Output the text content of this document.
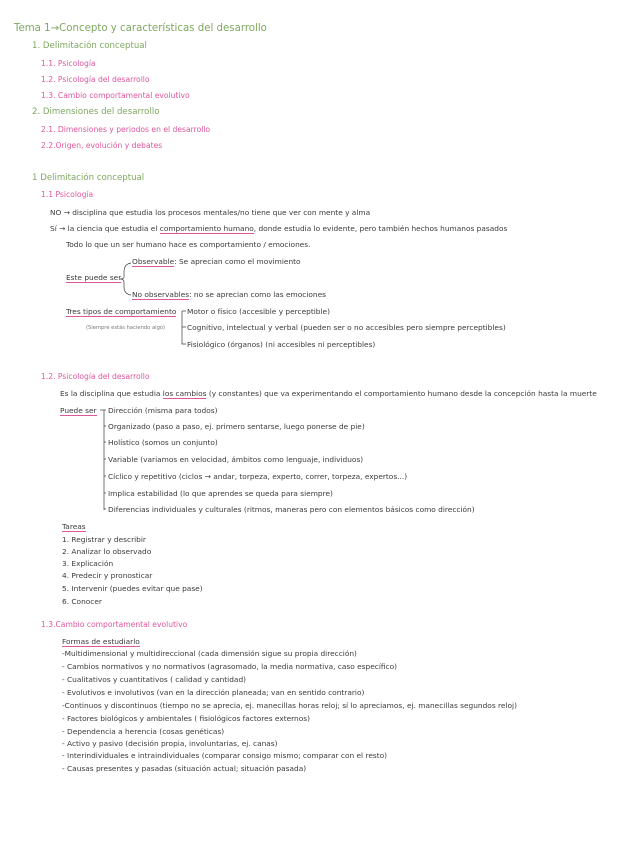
Tema 1→Concepto y características del desarrollo
1. Delimitación conceptual
1.1. Psicología
1.2. Psicología del desarrollo
1.3. Cambio comportamental evolutivo
2. Dimensiones del desarrollo
2.1. Dimensiones y periodos en el desarrollo
2.2.Origen, evolución y debates
1 Delimitación conceptual
1.1 Psicología
NO → disciplina que estudia los procesos mentales/no tiene que ver con mente y alma
Sí → la ciencia que estudia el comportamiento humano, donde estudia lo evidente, pero también hechos humanos pasados
Todo lo que un ser humano hace es comportamiento / emociones.
Observable: Se aprecian como el movimiento
Este puede ser
No observables: no se aprecian como las emociones
Tres tipos de comportamiento Motor o físico (accesible y perceptible)
(Siempre estás haciendo algo)	Cognitivo, intelectual y verbal (pueden ser o no accesibles pero siempre perceptibles)
Fisiológico (órganos) (ni accesibles ni perceptibles)
1.2. Psicología del desarrollo
Es la disciplina que estudia los cambios (y constantes) que va experimentando el comportamiento humano desde la concepción hasta la muerte
Puede ser Dirección (misma para todos)
Organizado (paso a paso, ej. primero sentarse, luego ponerse de pie)
Holístico (somos un conjunto)
Variable (variamos en velocidad, ámbitos como lenguaje, individuos)
Cíclico y repetitivo (ciclos → andar, torpeza, experto, correr, torpeza, expertos...)
Implica estabilidad (lo que aprendes se queda para siempre)
Diferencias individuales y culturales (ritmos, maneras pero con elementos básicos como dirección)
Tareas
1. Registrar y describir
2. Analizar lo observado
3. Explicación
4. Predecir y pronosticar
5. Intervenir (puedes evitar que pase)
6. Conocer
1.3.Cambio comportamental evolutivo
Formas de estudiarlo
-Multidimensional y multidireccional (cada dimensión sigue su propia dirección)
- Cambios normativos y no normativos (agrasomado, la media normativa, caso específico)
- Cualitativos y cuantitativos ( calidad y cantidad)
- Evolutivos e involutivos (van en la dirección planeada; van en sentido contrario)
-Continuos y discontinuos (tiempo no se aprecia, ej. manecillas horas reloj; sí lo apreciamos, ej. manecillas segundos reloj)
- Factores biológicos y ambientales ( fisiológicos factores externos)
- Dependencia a herencia (cosas genéticas)
- Activo y pasivo (decisión propia, involuntarias, ej. canas)
- Interindividuales e intraindividuales (comparar consigo mismo; comparar con el resto)
- Causas presentes y pasadas (situación actual; situación pasada)
